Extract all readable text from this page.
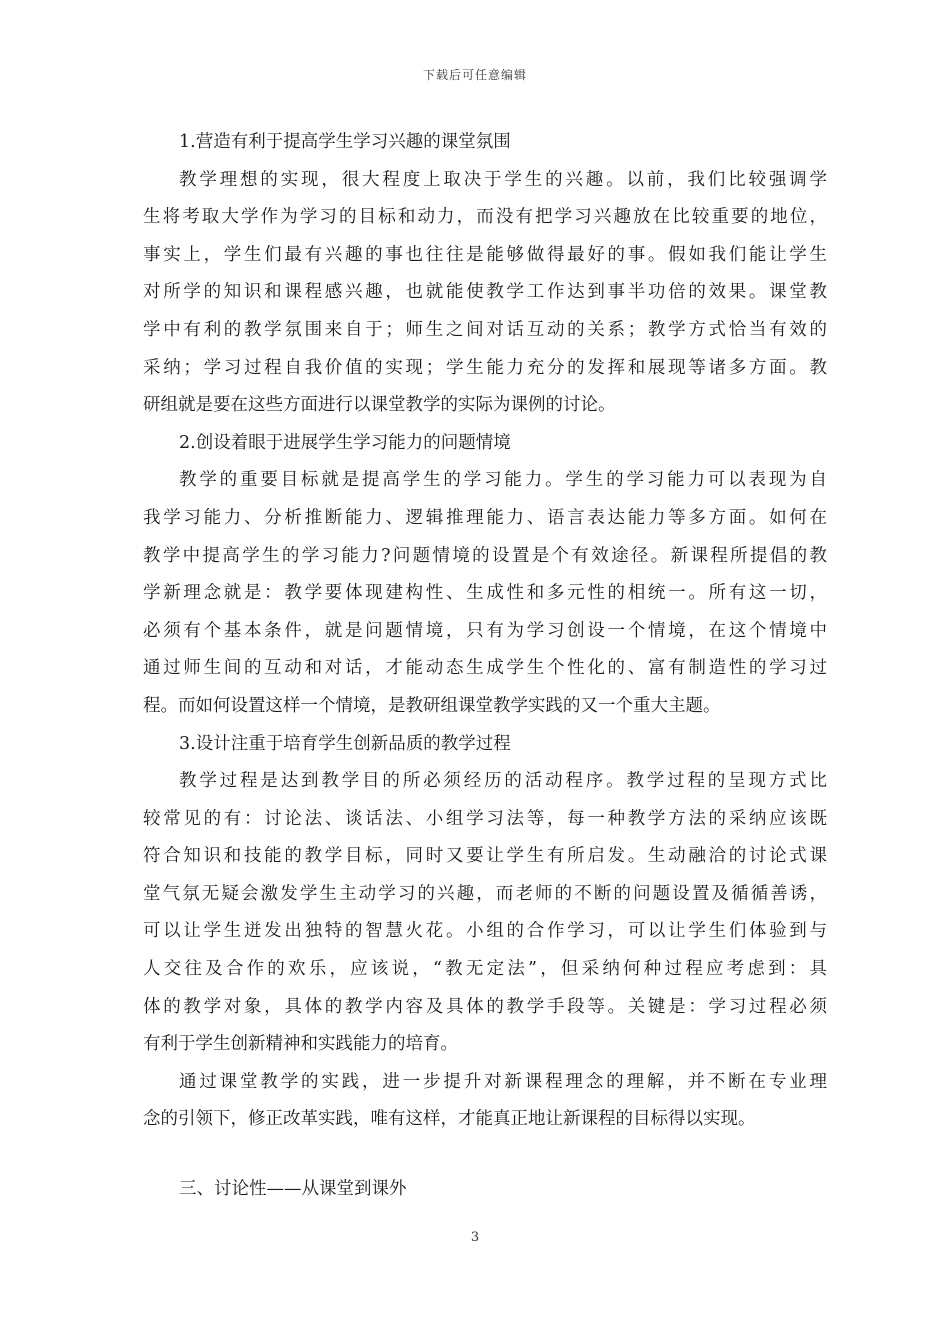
下载后可任意编辑
1.营造有利于提高学生学习兴趣的课堂氛围
教学理想的实现，很大程度上取决于学生的兴趣。以前，我们比较强调学
生将考取大学作为学习的目标和动力，而没有把学习兴趣放在比较重要的地位，
事实上，学生们最有兴趣的事也往往是能够做得最好的事。假如我们能让学生
对所学的知识和课程感兴趣，也就能使教学工作达到事半功倍的效果。课堂教
学中有利的教学氛围来自于；师生之间对话互动的关系；教学方式恰当有效的
采纳；学习过程自我价值的实现；学生能力充分的发挥和展现等诸多方面。教
研组就是要在这些方面进行以课堂教学的实际为课例的讨论。
2.创设着眼于进展学生学习能力的问题情境
教学的重要目标就是提高学生的学习能力。学生的学习能力可以表现为自
我学习能力、分析推断能力、逻辑推理能力、语言表达能力等多方面。如何在
教学中提高学生的学习能力?问题情境的设置是个有效途径。新课程所提倡的教
学新理念就是：教学要体现建构性、生成性和多元性的相统一。所有这一切，
必须有个基本条件，就是问题情境，只有为学习创设一个情境，在这个情境中
通过师生间的互动和对话，才能动态生成学生个性化的、富有制造性的学习过
程。而如何设置这样一个情境，是教研组课堂教学实践的又一个重大主题。
3.设计注重于培育学生创新品质的教学过程
教学过程是达到教学目的所必须经历的活动程序。教学过程的呈现方式比
较常见的有：讨论法、谈话法、小组学习法等，每一种教学方法的采纳应该既
符合知识和技能的教学目标，同时又要让学生有所启发。生动融洽的讨论式课
堂气氛无疑会激发学生主动学习的兴趣，而老师的不断的问题设置及循循善诱，
可以让学生迸发出独特的智慧火花。小组的合作学习，可以让学生们体验到与
人交往及合作的欢乐，应该说，“教无定法”，但采纳何种过程应考虑到：具
体的教学对象，具体的教学内容及具体的教学手段等。关键是：学习过程必须
有利于学生创新精神和实践能力的培育。
通过课堂教学的实践，进一步提升对新课程理念的理解，并不断在专业理
念的引领下，修正改革实践，唯有这样，才能真正地让新课程的目标得以实现。
三、讨论性——从课堂到课外
3
